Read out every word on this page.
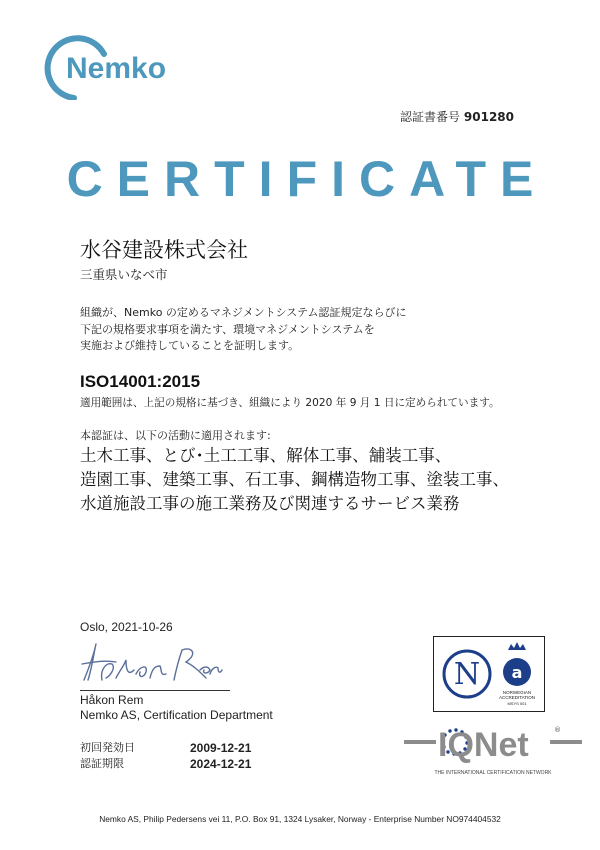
Nemko
認証書番号 901280
CERTIFICATE
水谷建設株式会社
三重県いなべ市
組織が、Nemko の定めるマネジメントシステム認証規定ならびに
下記の規格要求事項を満たす、環境マネジメントシステムを
実施および維持していることを証明します。
ISO14001:2015
適用範囲は、上記の規格に基づき、組織により 2020 年 9 月 1 日に定められています。
本認証は、以下の活動に適用されます:
土木工事、とび･土工工事、解体工事、舗装工事、
造園工事、建築工事、石工事、鋼構造物工事、塗装工事、
水道施設工事の施工業務及び関連するサービス業務
Oslo, 2021-10-26
Håkon Rem
Nemko AS, Certification Department
初回発効日	2009-12-21
認証期限	2024-12-21
N a
NORWEGIAN
ACCREDITATION
MSYS 001
IQNet	®
THE INTERNATIONAL CERTIFICATION NETWORK
Nemko AS, Philip Pedersens vei 11, P.O. Box 91, 1324 Lysaker, Norway - Enterprise Number NO974404532
